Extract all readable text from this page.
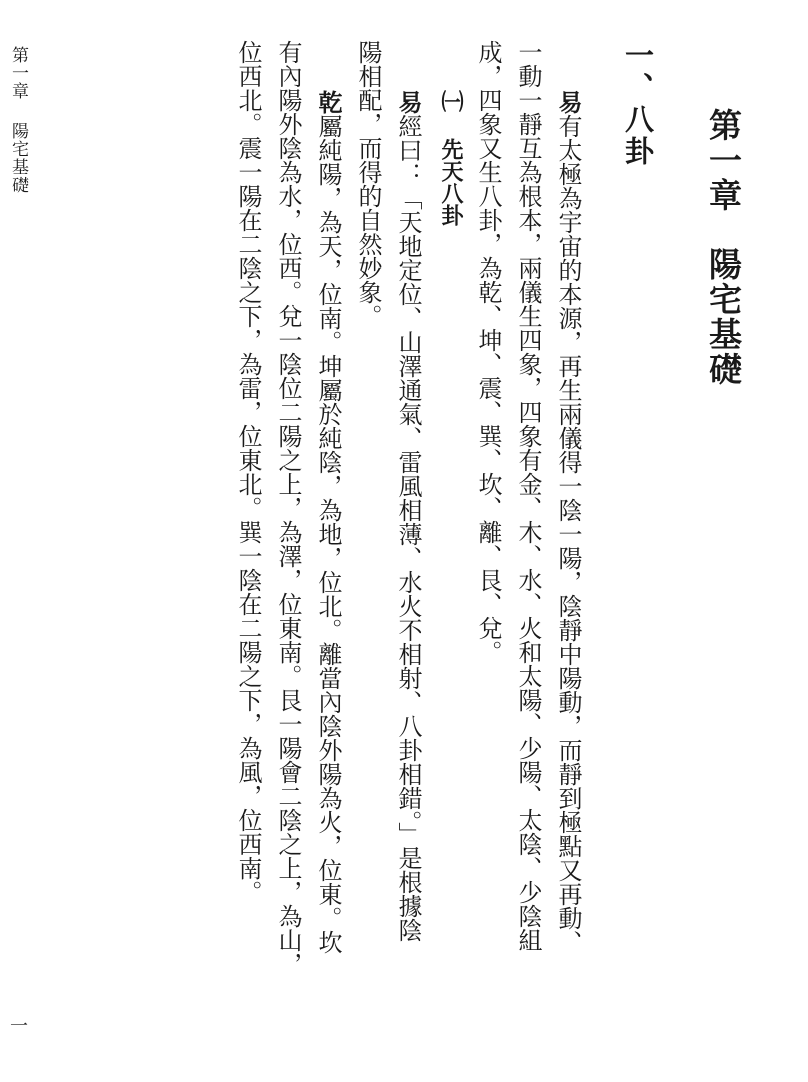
第一章陽宅基礎
一
第一章陽宅基礎
一、八卦
易有太極為宇宙的本源，再生兩儀得一陰一陽，陰靜中陽動，而靜到極點又再動、
一動一靜互為根本，兩儀生四象，四象有金、木、水、火和太陽、少陽、太陰、少陰組
成，四象又生八卦，為乾、坤、震、巽、坎、離、艮、兌。
㈠ 先天八卦
易經曰：「天地定位、山澤通氣、雷風相薄、水火不相射、八卦相錯。」是根據陰
陽相配，而得的自然妙象。
乾屬純陽，為天，位南。坤屬於純陰，為地，位北。離當內陰外陽為火，位東。坎
有內陽外陰為水，位西。兌一陰位二陽之上，為澤，位東南。艮一陽會二陰之上，為山，
位西北。震一陽在二陰之下，為雷，位東北。巽一陰在二陽之下，為風，位西南。
